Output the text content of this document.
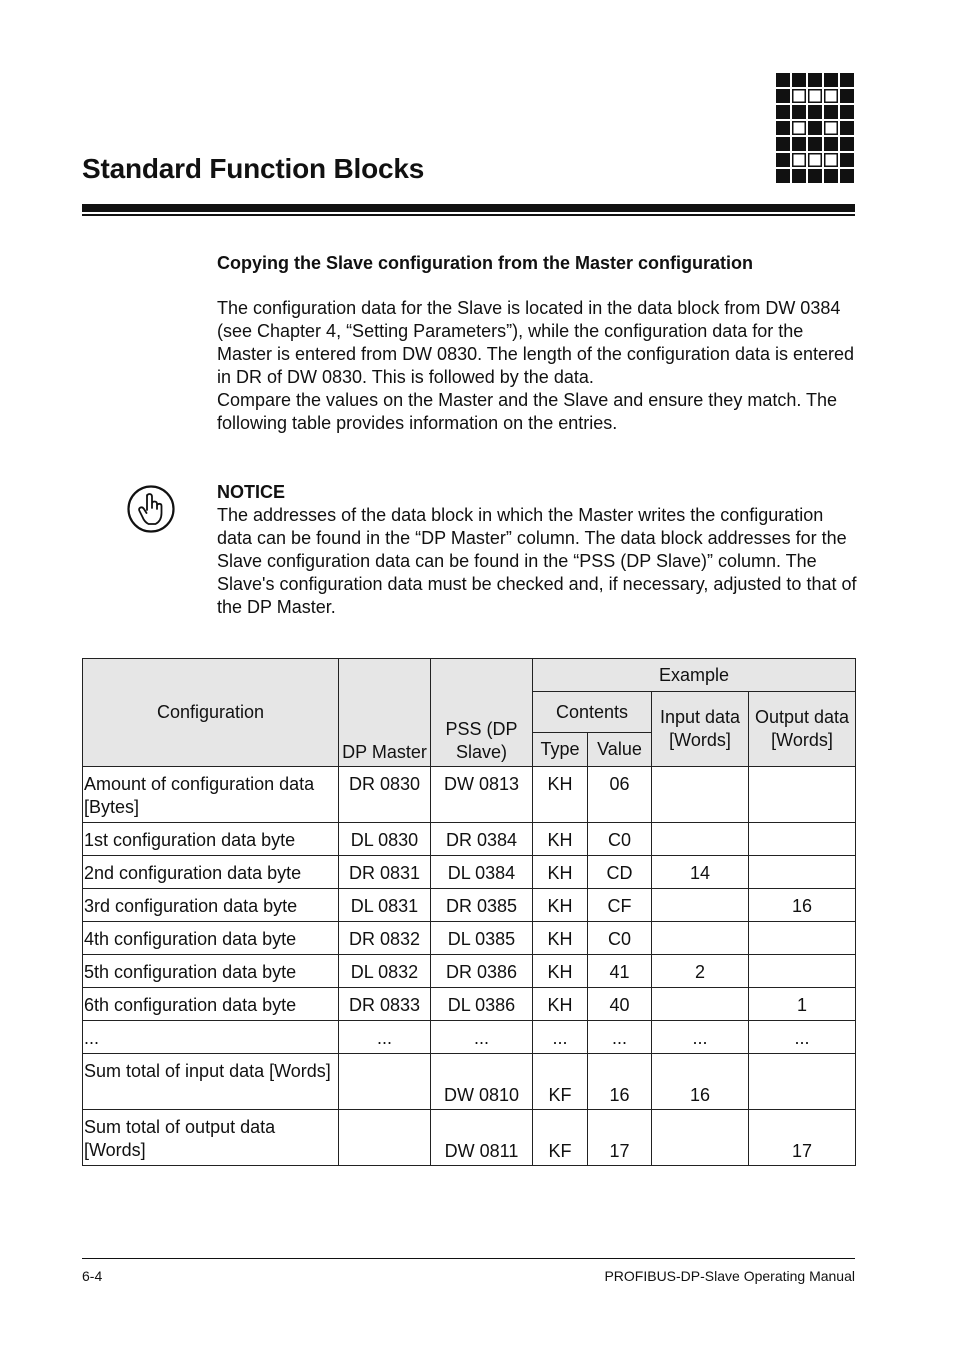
Standard Function Blocks
Copying the Slave configuration from the Master configuration

The configuration data for the Slave is located in the data block from DW 0384 (see Chapter 4, “Setting Parameters”), while the configuration data for the Master is entered from DW 0830. The length of the configuration data is entered in DR of DW 0830. This is followed by the data.

Compare the values on the Master and the Slave and ensure they match. The following table provides information on the entries.

NOTICE

The addresses of the data block in which the Master writes the configuration data can be found in the “DP Master” column. The data block addresses for the Slave configuration data can be found in the “PSS (DP Slave)” column. The Slave's configuration data must be checked and, if necessary, adjusted to that of the DP Master.

Configuration	DP Master	PSS (DP Slave)	Example			
			Contents		Input data [Words]	Output data [Words]
			Type	Value		
Amount of configuration data [Bytes]	DR 0830	DW 0813	KH	06		
1st configuration data byte	DL 0830	DR 0384	KH	C0		
2nd configuration data byte	DR 0831	DL 0384	KH	CD	14	
3rd configuration data byte	DL 0831	DR 0385	KH	CF		16
4th configuration data byte	DR 0832	DL 0385	KH	C0		
5th configuration data byte	DL 0832	DR 0386	KH	41	2	
6th configuration data byte	DR 0833	DL 0386	KH	40		1
...	...	...	...	...	...	...
Sum total of input data [Words]		DW 0810	KF	16	16	
Sum total of output data [Words]		DW 0811	KF	17		17
6-4	PROFIBUS-DP-Slave Operating Manual
